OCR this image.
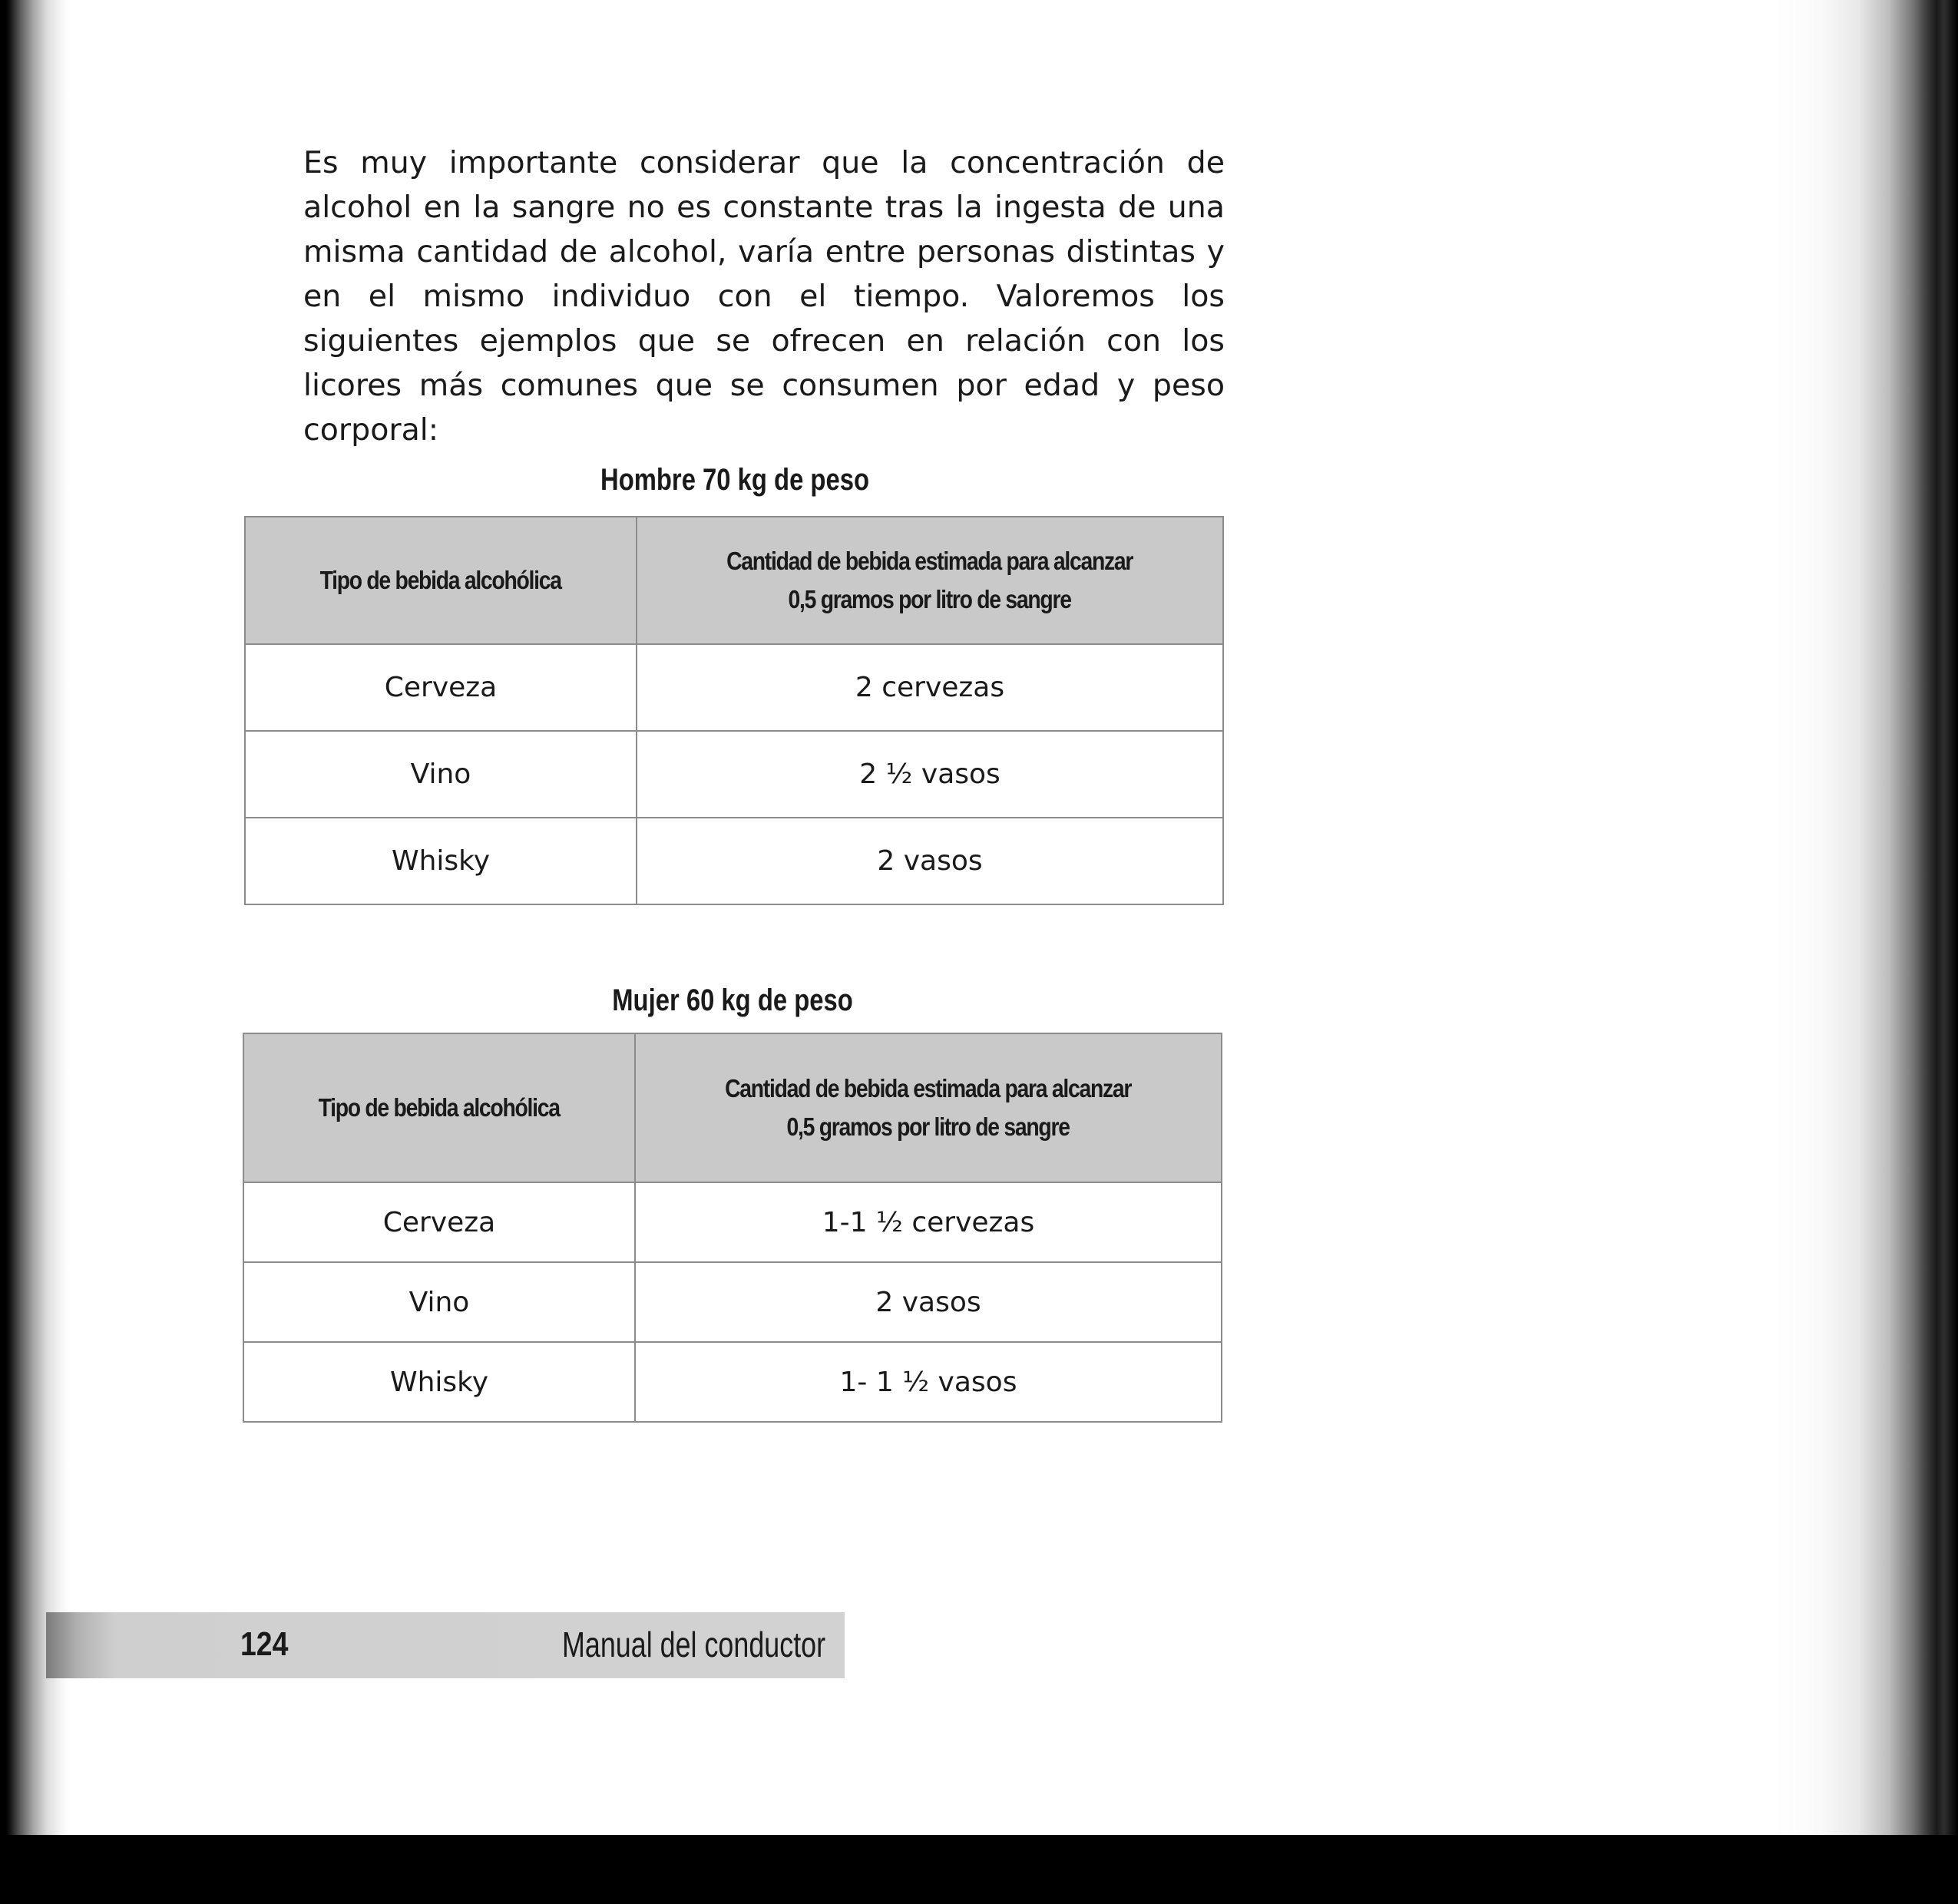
Es muy importante considerar que la concentración de alcohol en la sangre no es constante tras la ingesta de una misma cantidad de alcohol, varía entre personas distintas y en el mismo individuo con el tiempo. Valoremos los siguientes ejemplos que se ofrecen en relación con los licores más comunes que se consumen por edad y peso corporal:

Hombre 70 kg de peso
Tipo de bebida alcohólica	Cantidad de bebida estimada para alcanzar
0,5 gramos por litro de sangre
Cerveza	2 cervezas
Vino	2 ½ vasos
Whisky	2 vasos
Mujer 60 kg de peso
Tipo de bebida alcohólica	Cantidad de bebida estimada para alcanzar
0,5 gramos por litro de sangre
Cerveza	1-1 ½ cervezas
Vino	2 vasos
Whisky	1- 1 ½ vasos
124	Manual del conductor
